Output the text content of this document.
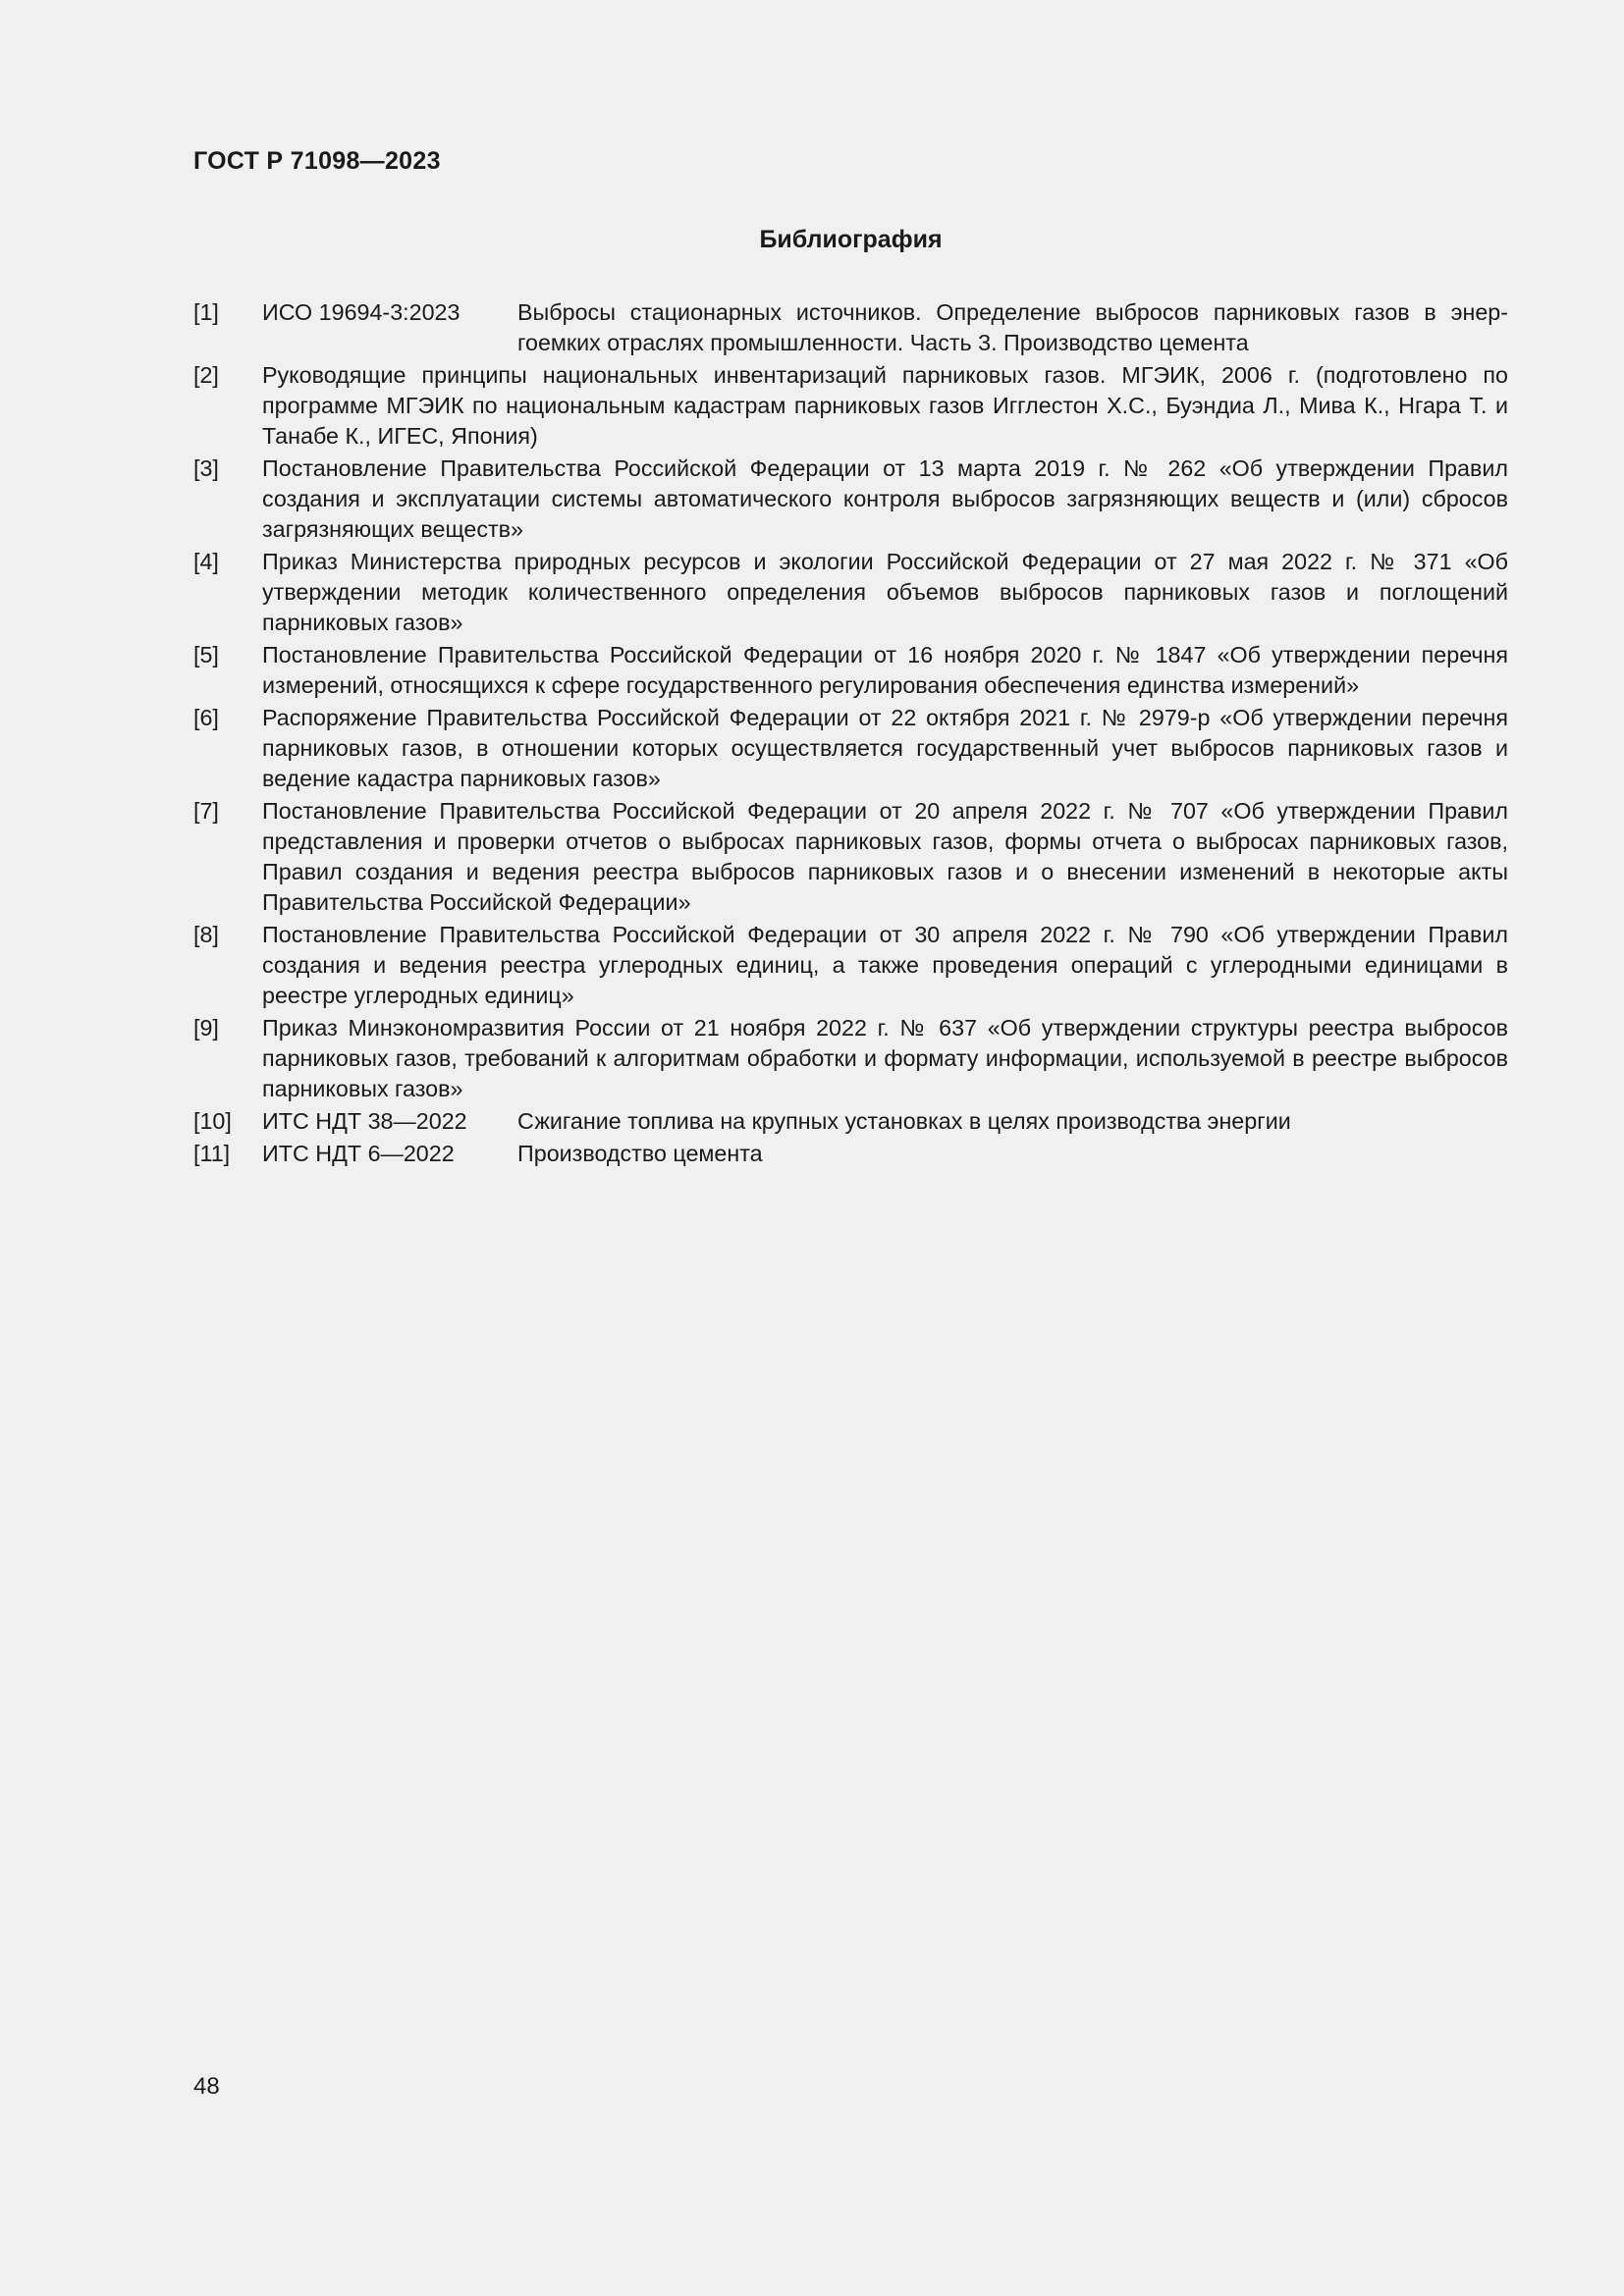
ГОСТ Р 71098—2023
Библиография
[1] ИСО 19694-3:2023	Выбросы стационарных источников. Определение выбросов парниковых газов в энергоемких отраслях промышленности. Часть 3. Производство цемента
[2] Руководящие принципы национальных инвентаризаций парниковых газов. МГЭИК, 2006 г. (подготовлено по программе МГЭИК по национальным кадастрам парниковых газов Игглестон Х.С., Буэндиа Л., Мива К., Нгара Т. и Танабе К., ИГЕС, Япония)
[3] Постановление Правительства Российской Федерации от 13 марта 2019 г. № 262 «Об утверждении Правил создания и эксплуатации системы автоматического контроля выбросов загрязняющих веществ и (или) сбросов загрязняющих веществ»
[4] Приказ Министерства природных ресурсов и экологии Российской Федерации от 27 мая 2022 г. № 371 «Об утверждении методик количественного определения объемов выбросов парниковых газов и поглощений парниковых газов»
[5] Постановление Правительства Российской Федерации от 16 ноября 2020 г. № 1847 «Об утверждении перечня измерений, относящихся к сфере государственного регулирования обеспечения единства измерений»
[6] Распоряжение Правительства Российской Федерации от 22 октября 2021 г. № 2979-р «Об утверждении перечня парниковых газов, в отношении которых осуществляется государственный учет выбросов парниковых газов и ведение кадастра парниковых газов»
[7] Постановление Правительства Российской Федерации от 20 апреля 2022 г. № 707 «Об утверждении Правил представления и проверки отчетов о выбросах парниковых газов, формы отчета о выбросах парниковых газов, Правил создания и ведения реестра выбросов парниковых газов и о внесении изменений в некоторые акты Правительства Российской Федерации»
[8] Постановление Правительства Российской Федерации от 30 апреля 2022 г. № 790 «Об утверждении Правил создания и ведения реестра углеродных единиц, а также проведения операций с углеродными единицами в реестре углеродных единиц»
[9] Приказ Минэкономразвития России от 21 ноября 2022 г. № 637 «Об утверждении структуры реестра выбросов парниковых газов, требований к алгоритмам обработки и формату информации, используемой в реестре выбросов парниковых газов»
[10] ИТС НДТ 38—2022 Сжигание топлива на крупных установках в целях производства энергии
[11] ИТС НДТ 6—2022	Производство цемента
48
